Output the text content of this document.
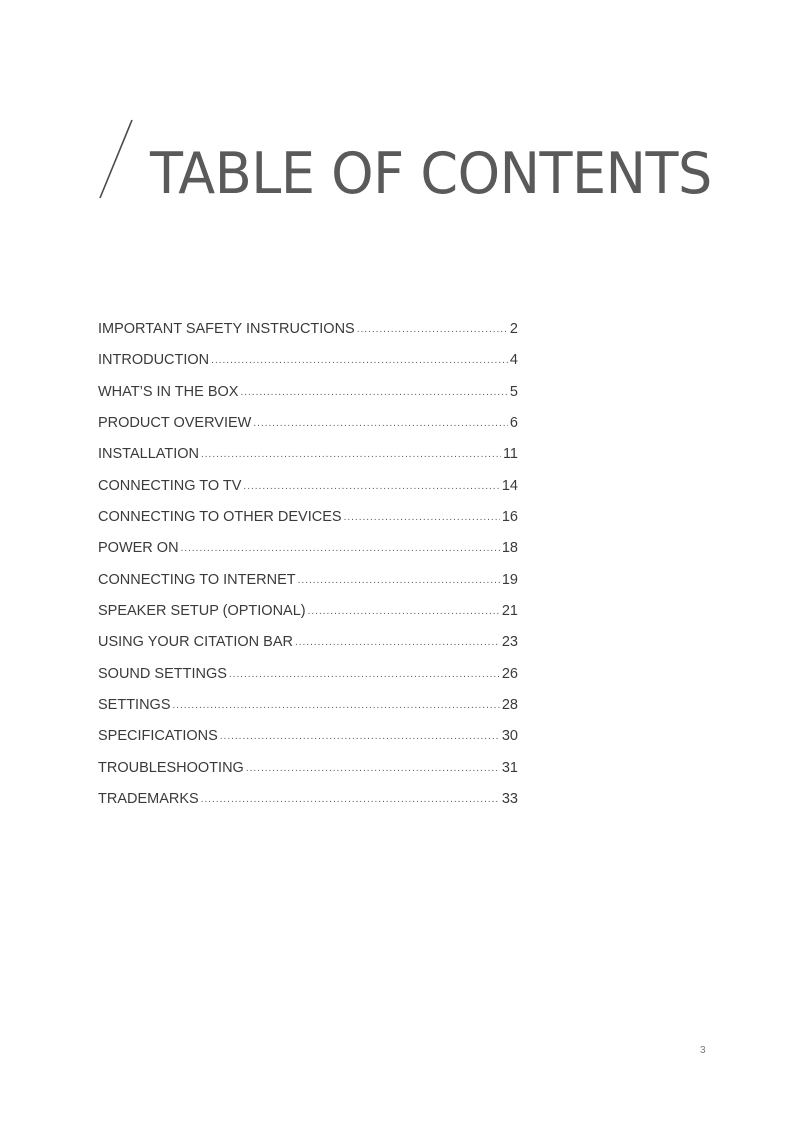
TABLE OF CONTENTS
IMPORTANT SAFETY INSTRUCTIONS .....	2
INTRODUCTION .....	4
WHAT’S IN THE BOX .....	5
PRODUCT OVERVIEW .....	6
INSTALLATION .....	11
CONNECTING TO TV .....	14
CONNECTING TO OTHER DEVICES .....	16
POWER ON .....	18
CONNECTING TO INTERNET .....	19
SPEAKER SETUP (OPTIONAL) .....	21
USING YOUR CITATION BAR .....	23
SOUND SETTINGS .....	26
SETTINGS .....	28
SPECIFICATIONS .....	30
TROUBLESHOOTING .....	31
TRADEMARKS .....	33
3
